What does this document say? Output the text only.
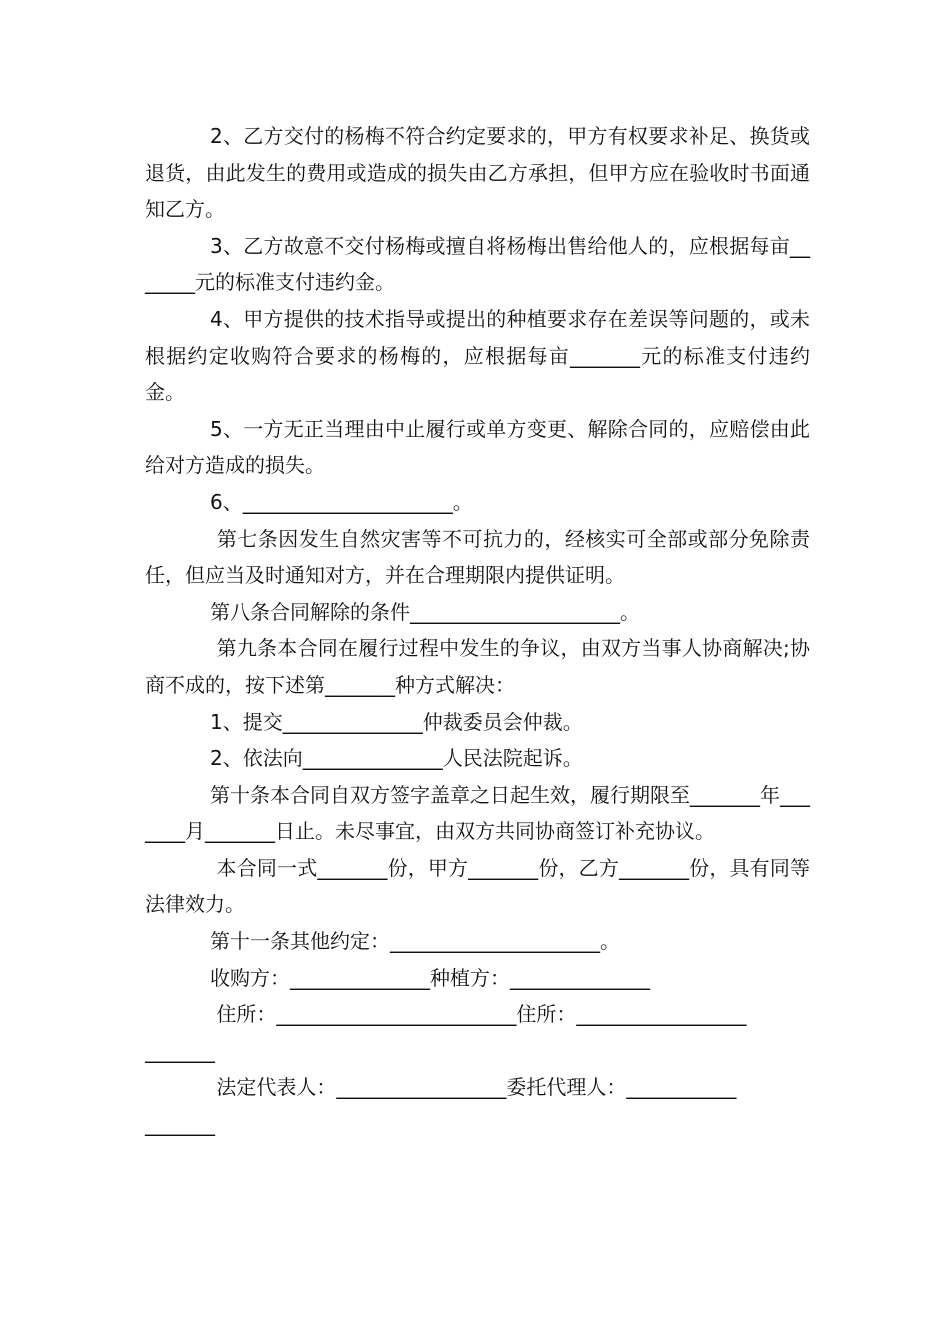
2、乙方交付的杨梅不符合约定要求的，甲方有权要求补足、换货或退货，由此发生的费用或造成的损失由乙方承担，但甲方应在验收时书面通知乙方。

3、乙方故意不交付杨梅或擅自将杨梅出售给他人的，应根据每亩_______元的标准支付违约金。

4、甲方提供的技术指导或提出的种植要求存在差误等问题的，或未根据约定收购符合要求的杨梅的，应根据每亩_______元的标准支付违约金。

5、一方无正当理由中止履行或单方变更、解除合同的，应赔偿由此给对方造成的损失。

6、_____________________。

第七条因发生自然灾害等不可抗力的，经核实可全部或部分免除责任，但应当及时通知对方，并在合理期限内提供证明。

第八条合同解除的条件_____________________。

第九条本合同在履行过程中发生的争议，由双方当事人协商解决;协商不成的，按下述第_______种方式解决：

1、提交______________仲裁委员会仲裁。

2、依法向______________人民法院起诉。

第十条本合同自双方签字盖章之日起生效，履行期限至_______年_______月_______日止。未尽事宜，由双方共同协商签订补充协议。

本合同一式_______份，甲方_______份，乙方_______份，具有同等法律效力。

第十一条其他约定：_____________________。

收购方：______________种植方：______________

住所：________________________住所：_________________

_______

法定代表人：_________________委托代理人：___________

_______
